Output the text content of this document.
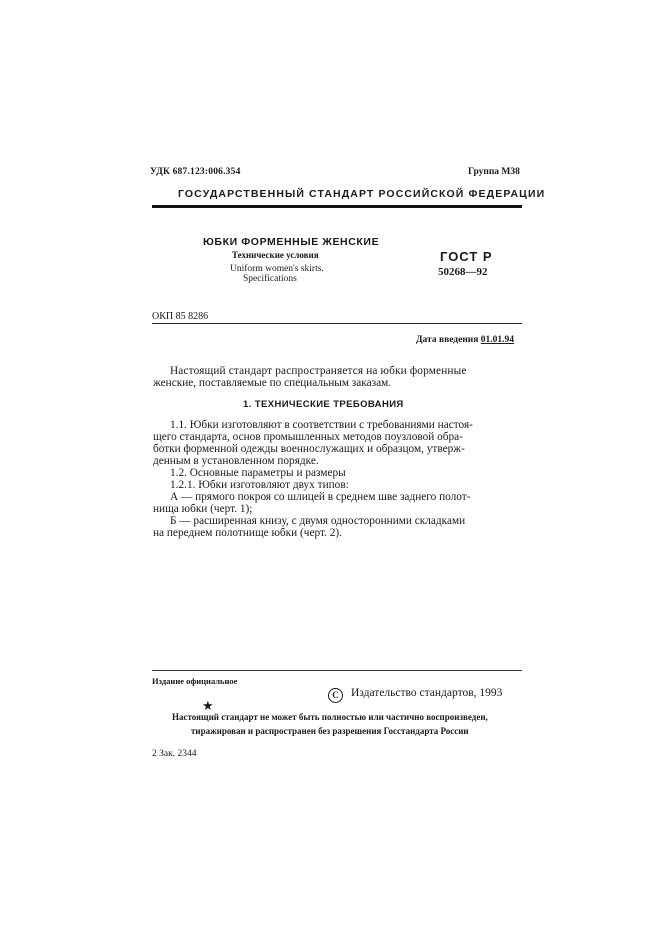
УДК 687.123:006.354	Группа М38
ГОСУДАРСТВЕННЫЙ СТАНДАРТ РОССИЙСКОЙ ФЕДЕРАЦИИ
ЮБКИ ФОРМЕННЫЕ ЖЕНСКИЕ
Технические условия
Uniform women's skirts.
Specifications
ГОСТ Р
50268—92
ОКП 85 8286
Дата введения 01.01.94
Настоящий стандарт распространяется на юбки форменные
женские, поставляемые по специальным заказам.
1. ТЕХНИЧЕСКИЕ ТРЕБОВАНИЯ
1.1. Юбки изготовляют в соответствии с требованиями настоя-
щего стандарта, основ промышленных методов поузловой обра-
ботки форменной одежды военнослужащих и образцом, утверж-
денным в установленном порядке.
1.2. Основные параметры и размеры
1.2.1. Юбки изготовляют двух типов:
А — прямого покроя со шлицей в среднем шве заднего полот-
нища юбки (черт. 1);
Б — расширенная книзу, с двумя односторонними складками
на переднем полотнище юбки (черт. 2).
Издание официальное
С Издательство стандартов, 1993
★
Настоящий стандарт не может быть полностью или частично воспроизведен,
тиражирован и распространен без разрешения Госстандарта России
2 Зак. 2344
